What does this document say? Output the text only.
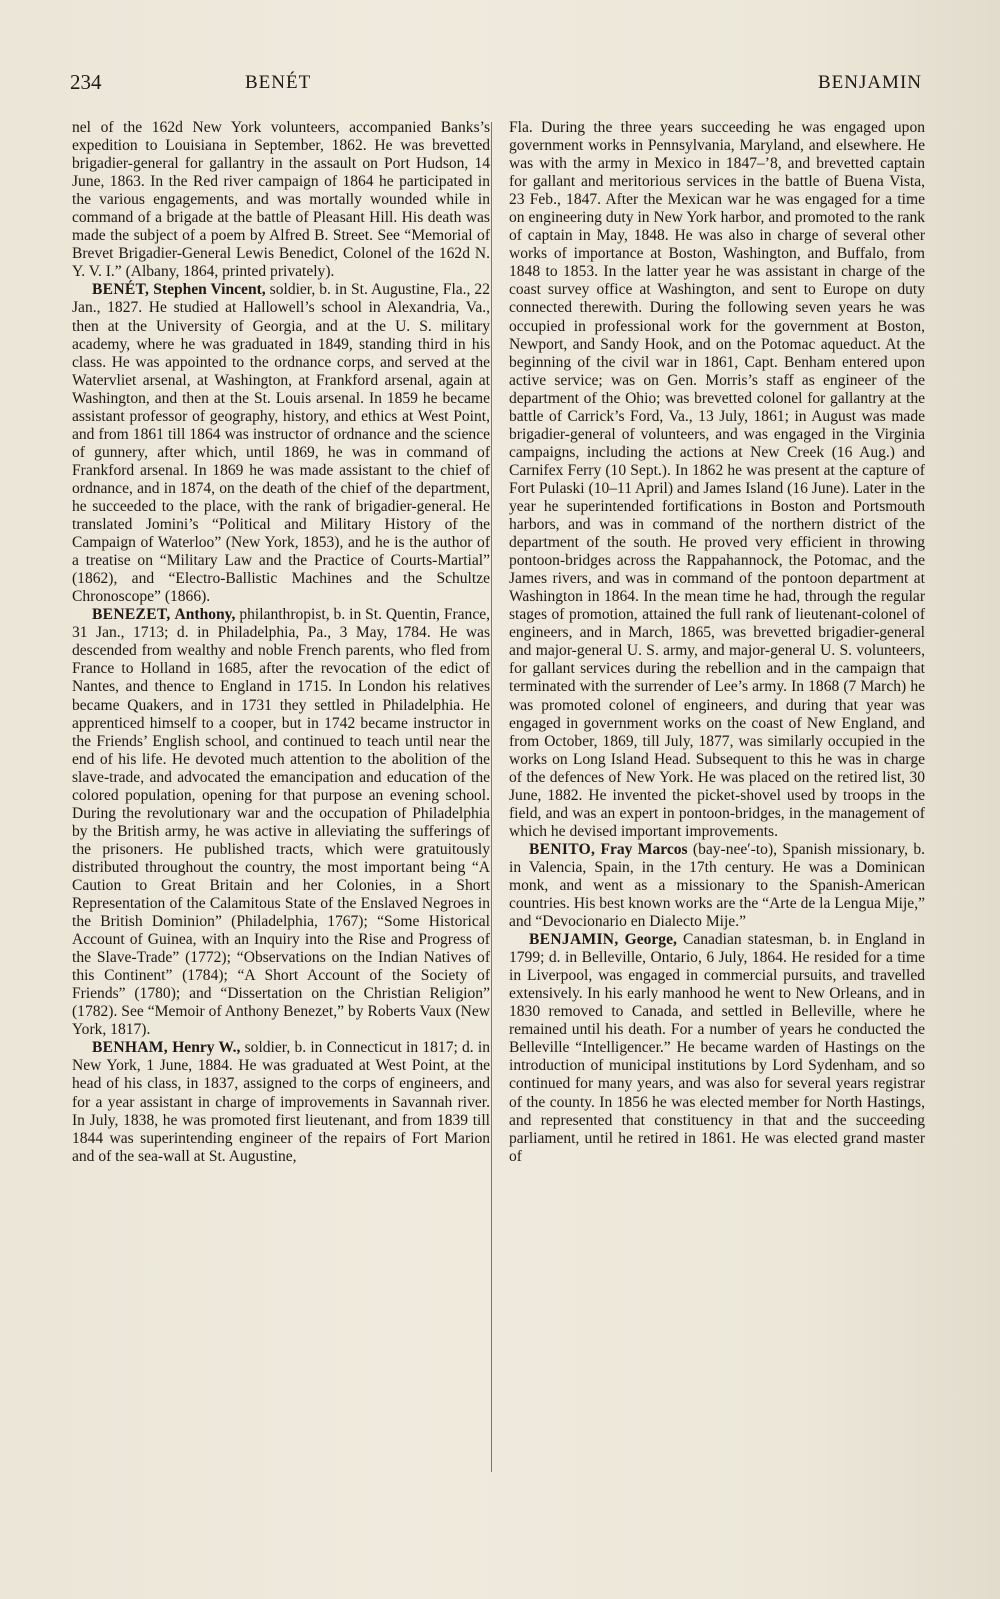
234	BENÉT	BENJAMIN

nel of the 162d New York volunteers, accompanied Banks’s expedition to Louisiana in September, 1862. He was brevetted brigadier-general for gallantry in the assault on Port Hudson, 14 June, 1863. In the Red river campaign of 1864 he participated in the various engagements, and was mortally wounded while in command of a brigade at the battle of Pleasant Hill. His death was made the subject of a poem by Alfred B. Street. See “Memorial of Brevet Brigadier-General Lewis Benedict, Colonel of the 162d N. Y. V. I.” (Albany, 1864, printed privately).

BENÉT, Stephen Vincent, soldier, b. in St. Augustine, Fla., 22 Jan., 1827. He studied at Hallowell’s school in Alexandria, Va., then at the University of Georgia, and at the U. S. military academy, where he was graduated in 1849, standing third in his class. He was appointed to the ordnance corps, and served at the Watervliet arsenal, at Washington, at Frankford arsenal, again at Washington, and then at the St. Louis arsenal. In 1859 he became assistant professor of geography, history, and ethics at West Point, and from 1861 till 1864 was instructor of ordnance and the science of gunnery, after which, until 1869, he was in command of Frankford arsenal. In 1869 he was made assistant to the chief of ordnance, and in 1874, on the death of the chief of the department, he succeeded to the place, with the rank of brigadier-general. He translated Jomini’s “Political and Military History of the Campaign of Waterloo” (New York, 1853), and he is the author of a treatise on “Military Law and the Practice of Courts-Martial” (1862), and “Electro-Ballistic Machines and the Schultze Chronoscope” (1866).

BENEZET, Anthony, philanthropist, b. in St. Quentin, France, 31 Jan., 1713; d. in Philadelphia, Pa., 3 May, 1784. He was descended from wealthy and noble French parents, who fled from France to Holland in 1685, after the revocation of the edict of Nantes, and thence to England in 1715. In London his relatives became Quakers, and in 1731 they settled in Philadelphia. He apprenticed himself to a cooper, but in 1742 became instructor in the Friends’ English school, and continued to teach until near the end of his life. He devoted much attention to the abolition of the slave-trade, and advocated the emancipation and education of the colored population, opening for that purpose an evening school. During the revolutionary war and the occupation of Philadelphia by the British army, he was active in alleviating the sufferings of the prisoners. He published tracts, which were gratuitously distributed throughout the country, the most important being “A Caution to Great Britain and her Colonies, in a Short Representation of the Calamitous State of the Enslaved Negroes in the British Dominion” (Philadelphia, 1767); “Some Historical Account of Guinea, with an Inquiry into the Rise and Progress of the Slave-Trade” (1772); “Observations on the Indian Natives of this Continent” (1784); “A Short Account of the Society of Friends” (1780); and “Dissertation on the Christian Religion” (1782). See “Memoir of Anthony Benezet,” by Roberts Vaux (New York, 1817).

BENHAM, Henry W., soldier, b. in Connecticut in 1817; d. in New York, 1 June, 1884. He was graduated at West Point, at the head of his class, in 1837, assigned to the corps of engineers, and for a year assistant in charge of improvements in Savannah river. In July, 1838, he was promoted first lieutenant, and from 1839 till 1844 was superintending engineer of the repairs of Fort Marion and of the sea-wall at St. Augustine,

Fla. During the three years succeeding he was engaged upon government works in Pennsylvania, Maryland, and elsewhere. He was with the army in Mexico in 1847–’8, and brevetted captain for gallant and meritorious services in the battle of Buena Vista, 23 Feb., 1847. After the Mexican war he was engaged for a time on engineering duty in New York harbor, and promoted to the rank of captain in May, 1848. He was also in charge of several other works of importance at Boston, Washington, and Buffalo, from 1848 to 1853. In the latter year he was assistant in charge of the coast survey office at Washington, and sent to Europe on duty connected therewith. During the following seven years he was occupied in professional work for the government at Boston, Newport, and Sandy Hook, and on the Potomac aqueduct. At the beginning of the civil war in 1861, Capt. Benham entered upon active service; was on Gen. Morris’s staff as engineer of the department of the Ohio; was brevetted colonel for gallantry at the battle of Carrick’s Ford, Va., 13 July, 1861; in August was made brigadier-general of volunteers, and was engaged in the Virginia campaigns, including the actions at New Creek (16 Aug.) and Carnifex Ferry (10 Sept.). In 1862 he was present at the capture of Fort Pulaski (10–11 April) and James Island (16 June). Later in the year he superintended fortifications in Boston and Portsmouth harbors, and was in command of the northern district of the department of the south. He proved very efficient in throwing pontoon-bridges across the Rappahannock, the Potomac, and the James rivers, and was in command of the pontoon department at Washington in 1864. In the mean time he had, through the regular stages of promotion, attained the full rank of lieutenant-colonel of engineers, and in March, 1865, was brevetted brigadier-general and major-general U. S. army, and major-general U. S. volunteers, for gallant services during the rebellion and in the campaign that terminated with the surrender of Lee’s army. In 1868 (7 March) he was promoted colonel of engineers, and during that year was engaged in government works on the coast of New England, and from October, 1869, till July, 1877, was similarly occupied in the works on Long Island Head. Subsequent to this he was in charge of the defences of New York. He was placed on the retired list, 30 June, 1882. He invented the picket-shovel used by troops in the field, and was an expert in pontoon-bridges, in the management of which he devised important improvements.

BENITO, Fray Marcos (bay-nee′-to), Spanish missionary, b. in Valencia, Spain, in the 17th century. He was a Dominican monk, and went as a missionary to the Spanish-American countries. His best known works are the “Arte de la Lengua Mije,” and “Devocionario en Dialecto Mije.”

BENJAMIN, George, Canadian statesman, b. in England in 1799; d. in Belleville, Ontario, 6 July, 1864. He resided for a time in Liverpool, was engaged in commercial pursuits, and travelled extensively. In his early manhood he went to New Orleans, and in 1830 removed to Canada, and settled in Belleville, where he remained until his death. For a number of years he conducted the Belleville “Intelligencer.” He became warden of Hastings on the introduction of municipal institutions by Lord Sydenham, and so continued for many years, and was also for several years registrar of the county. In 1856 he was elected member for North Hastings, and represented that constituency in that and the succeeding parliament, until he retired in 1861. He was elected grand master of
